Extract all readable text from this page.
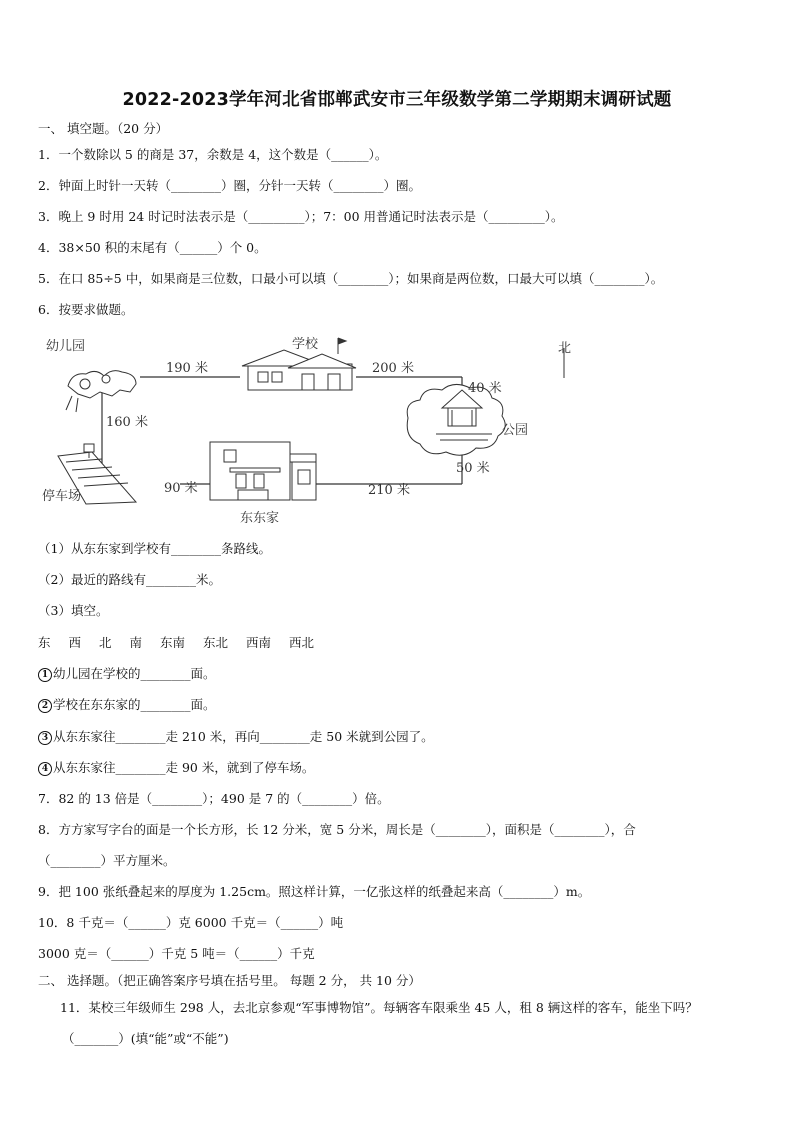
2022-2023学年河北省邯郸武安市三年级数学第二学期期末调研试题
一、 填空题。（20 分）
1．一个数除以 5 的商是 37，余数是 4，这个数是（______）。
2．钟面上时针一天转（________）圈，分针一天转（________）圈。
3．晚上 9 时用 24 时记时法表示是（_________）；7：00 用普通记时法表示是（_________）。
4．38×50 积的末尾有（______）个 0。
5．在口 85÷5 中，如果商是三位数，口最小可以填（________）；如果商是两位数，口最大可以填（________）。
6．按要求做题。
幼儿园	学校	北
公园
停车场
东东家
190 米	200 米
40 米
160 米
50 米
90 米	210 米
（1）从东东家到学校有________条路线。
（2）最近的路线有________米。
（3）填空。
东 西 北 南 东南 东北 西南 西北
1 幼儿园在学校的________面。
2 学校在东东家的________面。
3 从东东家往________走 210 米，再向________走 50 米就到公园了。
4 从东东家往________走 90 米，就到了停车场。
7．82 的 13 倍是（________）；490 是 7 的（________）倍。
8．方方家写字台的面是一个长方形，长 12 分米，宽 5 分米，周长是（________），面积是（________），合
（________）平方厘米。
9．把 100 张纸叠起来的厚度为 1.25cm。照这样计算，一亿张这样的纸叠起来高（________）m。
10．8 千克＝（______）克 6000 千克＝（______）吨
3000 克＝（______）千克 5 吨＝（______）千克
二、 选择题。（把正确答案序号填在括号里。 每题 2 分， 共 10 分）
11．某校三年级师生 298 人，去北京参观“军事博物馆”。每辆客车限乘坐 45 人，租 8 辆这样的客车，能坐下吗？
（_______）(填“能”或“不能”)
